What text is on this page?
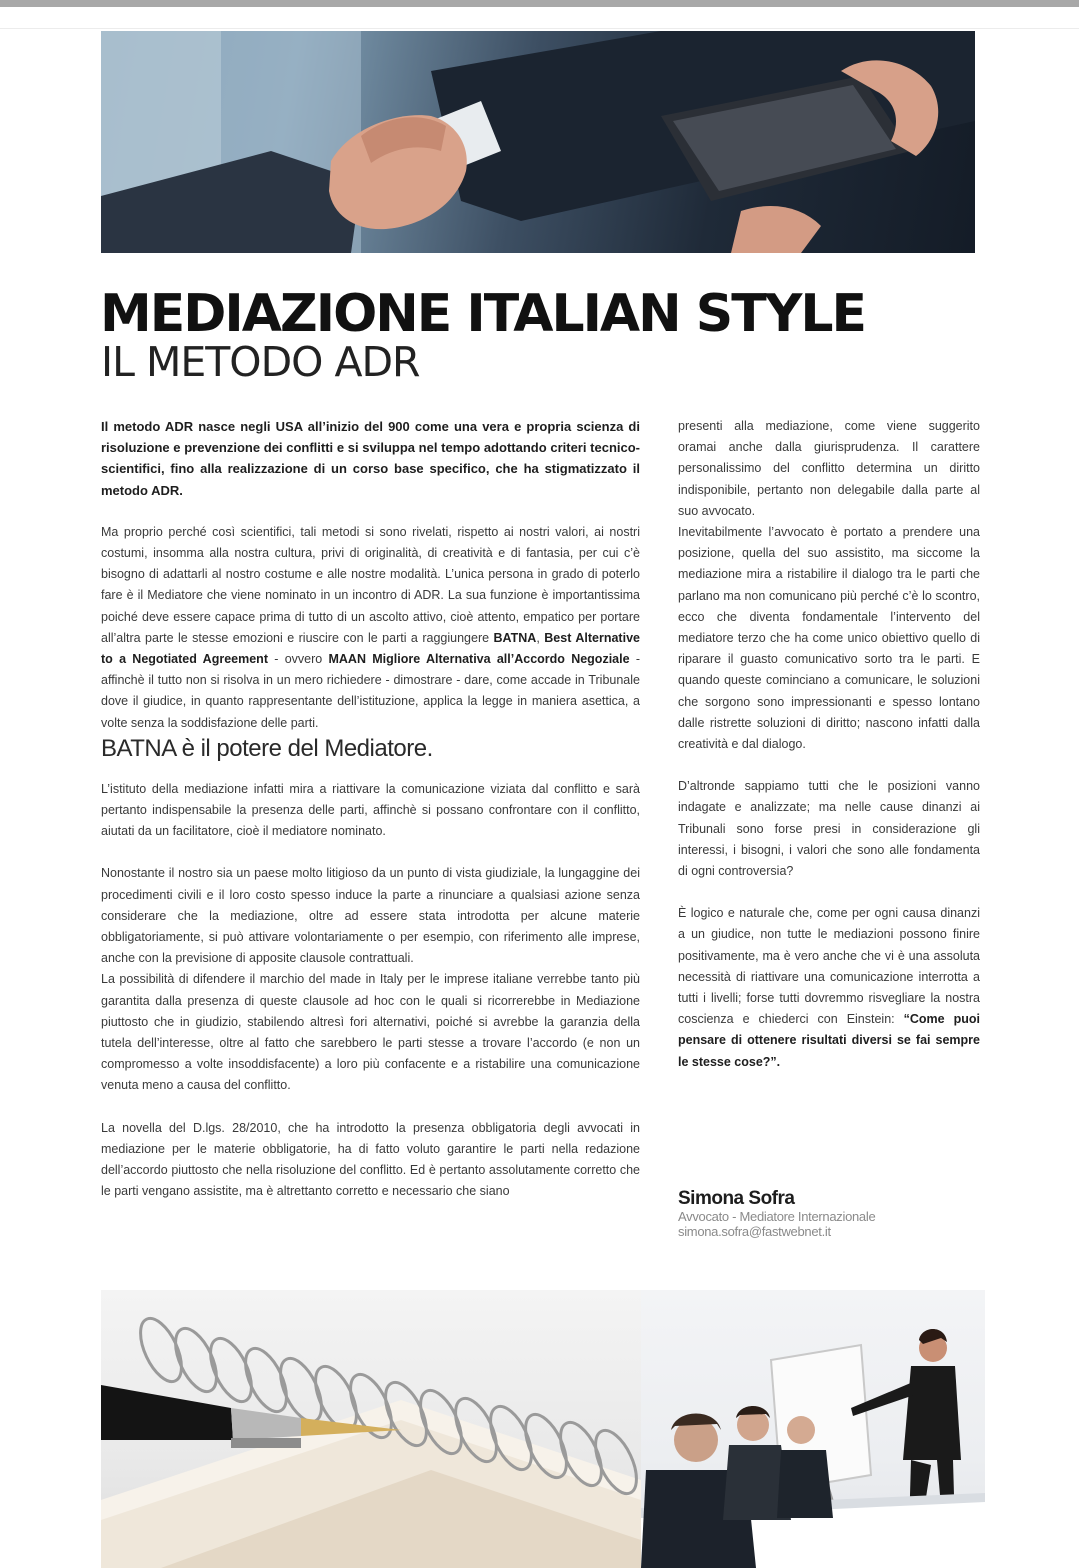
MEDIAZIONE ITALIAN STYLE
IL METODO ADR

Il metodo ADR nasce negli USA all’inizio del 900 come una vera e propria scienza di risoluzione e prevenzione dei conflitti e si sviluppa nel tempo adottando criteri tecnico-scientifici, fino alla realizzazione di un corso base specifico, che ha stigmatizzato il metodo ADR.

Ma proprio perché così scientifici, tali metodi si sono rivelati, rispetto ai nostri valori, ai nostri costumi, insomma alla nostra cultura, privi di originalità, di creatività e di fantasia, per cui c’è bisogno di adattarli al nostro costume e alle nostre modalità. L’unica persona in grado di poterlo fare è il Mediatore che viene nominato in un incontro di ADR. La sua funzione è importantissima poiché deve essere capace prima di tutto di un ascolto attivo, cioè attento, empatico per portare all’altra parte le stesse emozioni e riuscire con le parti a raggiungere BATNA, Best Alternative to a Negotiated Agreement - ovvero MAAN Migliore Alternativa all’Accordo Negoziale - affinchè il tutto non si risolva in un mero richiedere - dimostrare - dare, come accade in Tribunale dove il giudice, in quanto rappresentante dell’istituzione, applica la legge in maniera asettica, a volte senza la soddisfazione delle parti.

BATNA è il potere del Mediatore.

L’istituto della mediazione infatti mira a riattivare la comunicazione viziata dal conflitto e sarà pertanto indispensabile la presenza delle parti, affinchè si possano confrontare con il conflitto, aiutati da un facilitatore, cioè il mediatore nominato.

Nonostante il nostro sia un paese molto litigioso da un punto di vista giudiziale, la lungaggine dei procedimenti civili e il loro costo spesso induce la parte a rinunciare a qualsiasi azione senza considerare che la mediazione, oltre ad essere stata introdotta per alcune materie obbligatoriamente, si può attivare volontariamente o per esempio, con riferimento alle imprese, anche con la previsione di apposite clausole contrattuali.

La possibilità di difendere il marchio del made in Italy per le imprese italiane verrebbe tanto più garantita dalla presenza di queste clausole ad hoc con le quali si ricorrerebbe in Mediazione piuttosto che in giudizio, stabilendo altresì fori alternativi, poiché si avrebbe la garanzia della tutela dell’interesse, oltre al fatto che sarebbero le parti stesse a trovare l’accordo (e non un compromesso a volte insoddisfacente) a loro più confacente e a ristabilire una comunicazione venuta meno a causa del conflitto.

La novella del D.lgs. 28/2010, che ha introdotto la presenza obbligatoria degli avvocati in mediazione per le materie obbligatorie, ha di fatto voluto garantire le parti nella redazione dell’accordo piuttosto che nella risoluzione del conflitto. Ed è pertanto assolutamente corretto che le parti vengano assistite, ma è altrettanto corretto e necessario che siano

presenti alla mediazione, come viene suggerito oramai anche dalla giurisprudenza. Il carattere personalissimo del conflitto determina un diritto indisponibile, pertanto non delegabile dalla parte al suo avvocato.

Inevitabilmente l’avvocato è portato a prendere una posizione, quella del suo assistito, ma siccome la mediazione mira a ristabilire il dialogo tra le parti che parlano ma non comunicano più perché c’è lo scontro, ecco che diventa fondamentale l’intervento del mediatore terzo che ha come unico obiettivo quello di riparare il guasto comunicativo sorto tra le parti. E quando queste cominciano a comunicare, le soluzioni che sorgono sono impressionanti e spesso lontano dalle ristrette soluzioni di diritto; nascono infatti dalla creatività e dal dialogo.

D’altronde sappiamo tutti che le posizioni vanno indagate e analizzate; ma nelle cause dinanzi ai Tribunali sono forse presi in considerazione gli interessi, i bisogni, i valori che sono alle fondamenta di ogni controversia?

È logico e naturale che, come per ogni causa dinanzi a un giudice, non tutte le mediazioni possono finire positivamente, ma è vero anche che vi è una assoluta necessità di riattivare una comunicazione interrotta a tutti i livelli; forse tutti dovremmo risvegliare la nostra coscienza e chiederci con Einstein: “Come puoi pensare di ottenere risultati diversi se fai sempre le stesse cose?”.

Simona Sofra
Avvocato - Mediatore Internazionale
simona.sofra@fastwebnet.it
